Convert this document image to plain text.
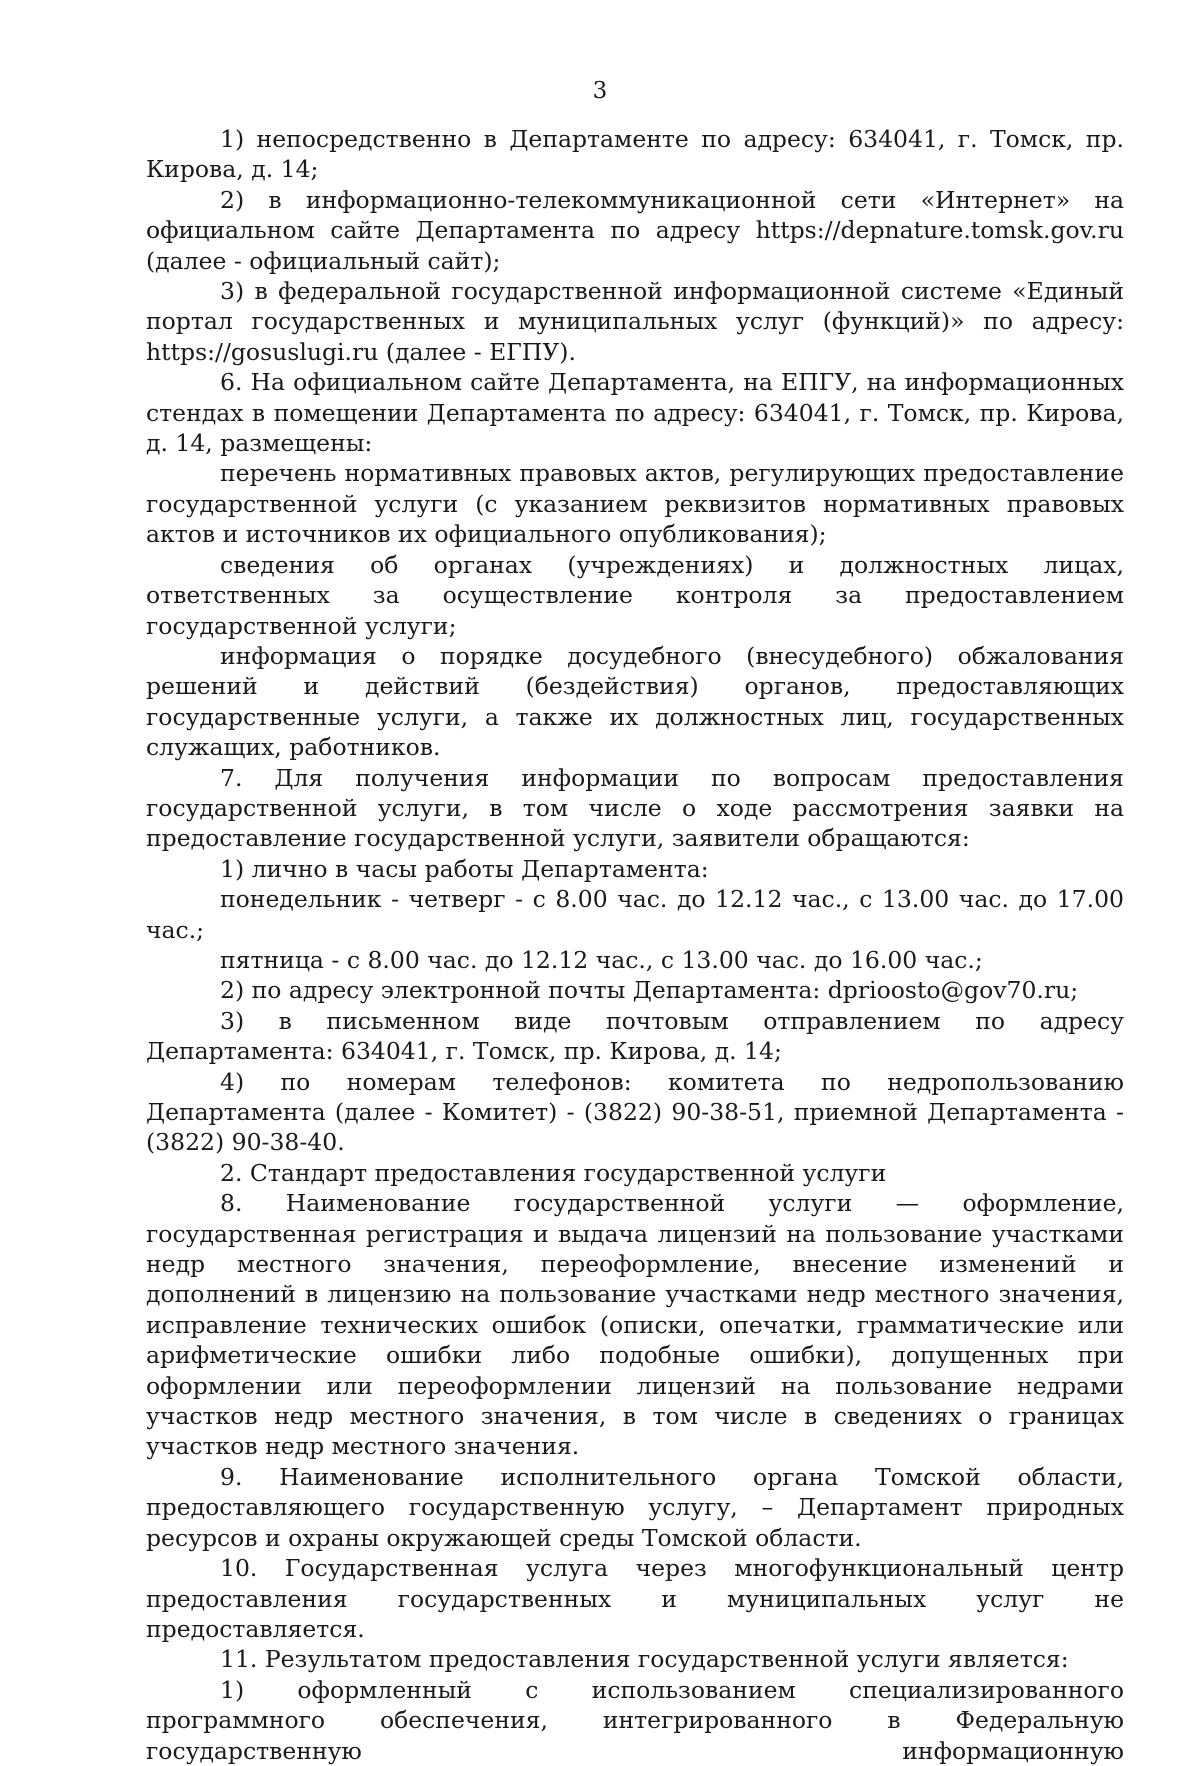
3

1) непосредственно в Департаменте по адресу: 634041, г. Томск, пр. Кирова, д. 14;

2) в информационно-телекоммуникационной сети «Интернет» на официальном сайте Департамента по адресу https://depnature.tomsk.gov.ru (далее - официальный сайт);

3) в федеральной государственной информационной системе «Единый портал государственных и муниципальных услуг (функций)» по адресу: https://gosuslugi.ru (далее - ЕГПУ).

6. На официальном сайте Департамента, на ЕПГУ, на информационных стендах в помещении Департамента по адресу: 634041, г. Томск, пр. Кирова, д. 14, размещены:

перечень нормативных правовых актов, регулирующих предоставление государственной услуги (с указанием реквизитов нормативных правовых актов и источников их официального опубликования);

сведения об органах (учреждениях) и должностных лицах, ответственных за осуществление контроля за предоставлением государственной услуги;

информация о порядке досудебного (внесудебного) обжалования решений и действий (бездействия) органов, предоставляющих государственные услуги, а также их должностных лиц, государственных служащих, работников.

7. Для получения информации по вопросам предоставления государственной услуги, в том числе о ходе рассмотрения заявки на предоставление государственной услуги, заявители обращаются:

1) лично в часы работы Департамента:

понедельник - четверг - с 8.00 час. до 12.12 час., с 13.00 час. до 17.00 час.;

пятница - с 8.00 час. до 12.12 час., с 13.00 час. до 16.00 час.;

2) по адресу электронной почты Департамента: dprioosto@gov70.ru;

3) в письменном виде почтовым отправлением по адресу Департамента: 634041, г. Томск, пр. Кирова, д. 14;

4) по номерам телефонов: комитета по недропользованию Департамента (далее - Комитет) - (3822) 90-38-51, приемной Департамента - (3822) 90-38-40.

2. Стандарт предоставления государственной услуги

8. Наименование государственной услуги — оформление, государственная регистрация и выдача лицензий на пользование участками недр местного значения, переоформление, внесение изменений и дополнений в лицензию на пользование участками недр местного значения, исправление технических ошибок (описки, опечатки, грамматические или арифметические ошибки либо подобные ошибки), допущенных при оформлении или переоформлении лицензий на пользование недрами участков недр местного значения, в том числе в сведениях о границах участков недр местного значения.

9. Наименование исполнительного органа Томской области, предоставляющего государственную услугу, – Департамент природных ресурсов и охраны окружающей среды Томской области.

10. Государственная услуга через многофункциональный центр предоставления государственных и муниципальных услуг не предоставляется.

11. Результатом предоставления государственной услуги является:

1) оформленный с использованием специализированного программного обеспечения, интегрированного в Федеральную государственную информационную
